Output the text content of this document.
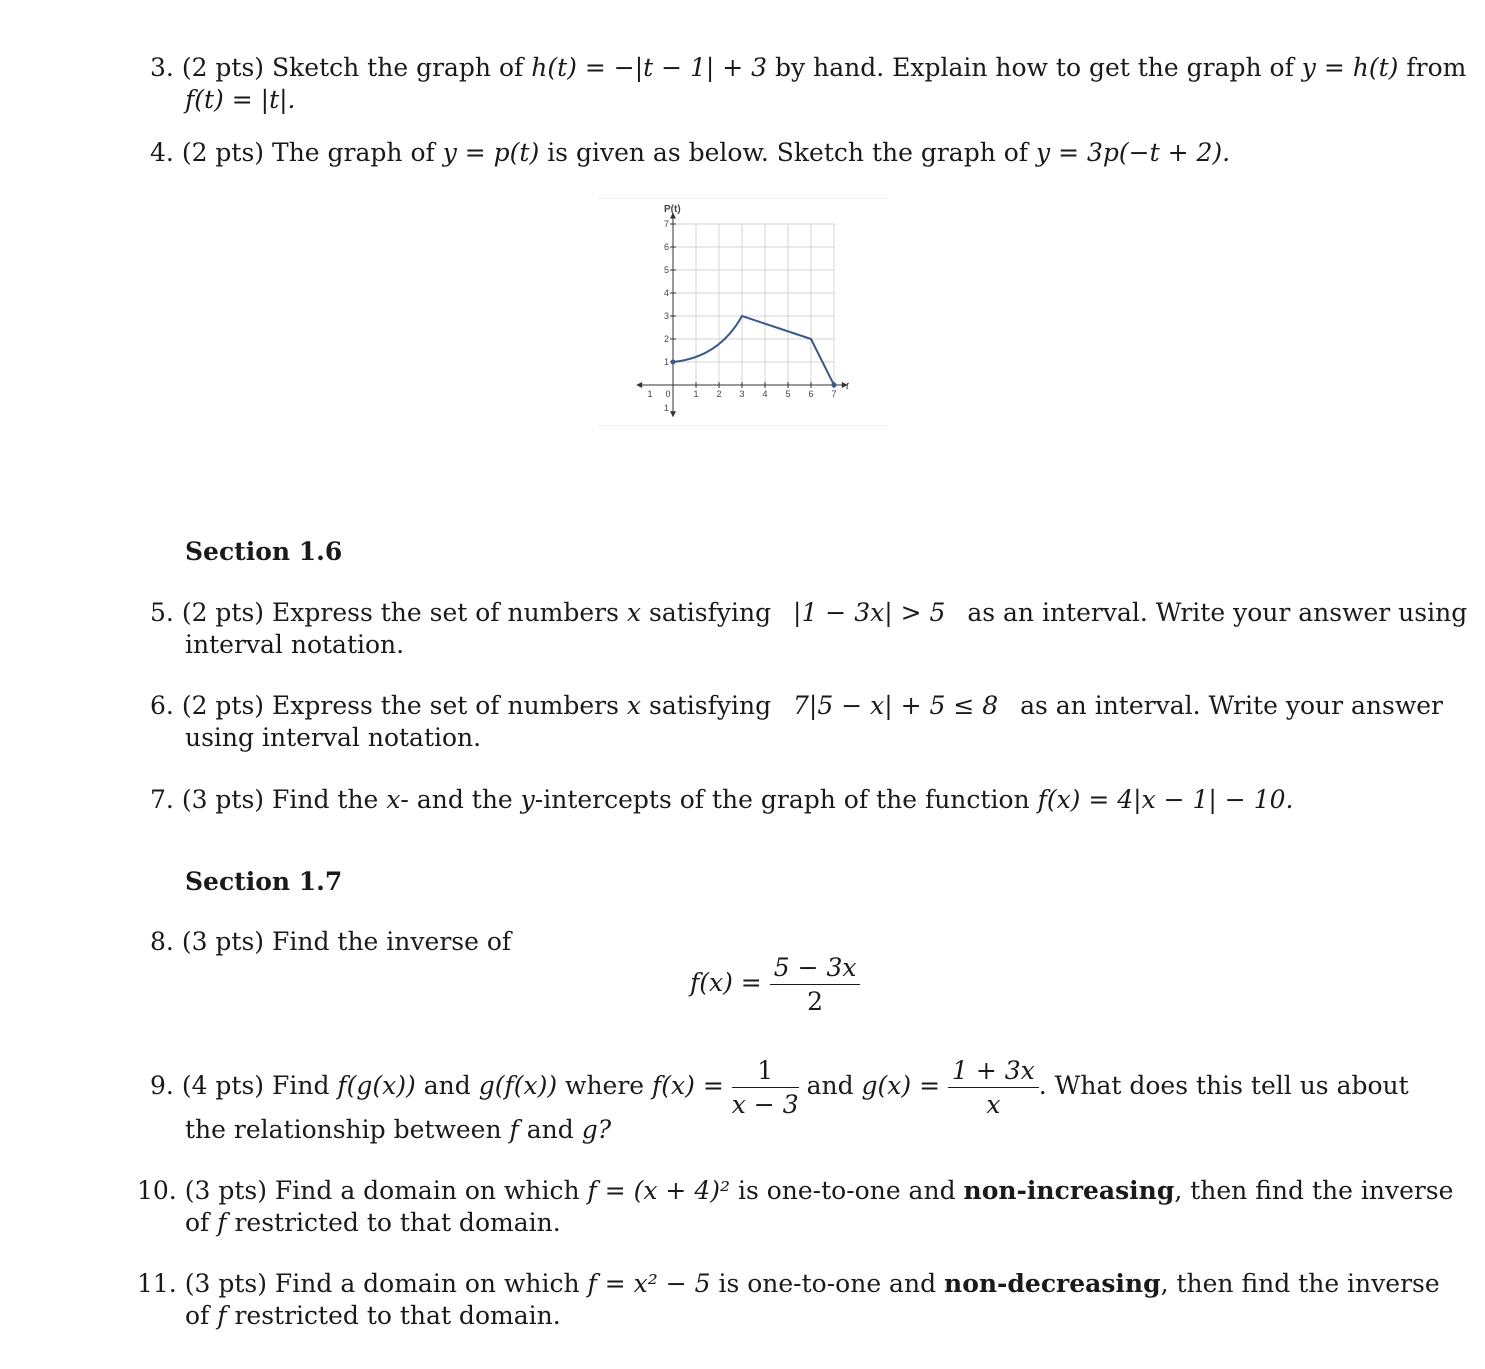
3. (2 pts) Sketch the graph of h(t) = −|t − 1| + 3 by hand. Explain how to get the graph of y = h(t) from
f(t) = |t|.
4. (2 pts) The graph of y = p(t) is given as below. Sketch the graph of y = 3p(−t + 2).
1 0	1 2 3 4 5 6 7
7
6
5
4
3
2
1
1
P(t)
t
Section 1.6
5. (2 pts) Express the set of numbers x satisfying |1 − 3x| > 5 as an interval. Write your answer using
interval notation.
6. (2 pts) Express the set of numbers x satisfying 7|5 − x| + 5 ≤ 8 as an interval. Write your answer
using interval notation.
7. (3 pts) Find the x- and the y-intercepts of the graph of the function f(x) = 4|x − 1| − 10.
Section 1.7
8. (3 pts) Find the inverse of
$f(x) = \frac{5 - 3x}{2}$
9. (4 pts) Find f(g(x)) and g(f(x)) where $f(x) = \frac{1}{x - 3}$ and $g(x) = \frac{1 + 3x}{x}$ . What does this tell us about
the relationship between f and g?
10. (3 pts) Find a domain on which f = (x + 4)² is one-to-one and non-increasing, then find the inverse
of f restricted to that domain.
11. (3 pts) Find a domain on which f = x² − 5 is one-to-one and non-decreasing, then find the inverse
of f restricted to that domain.
